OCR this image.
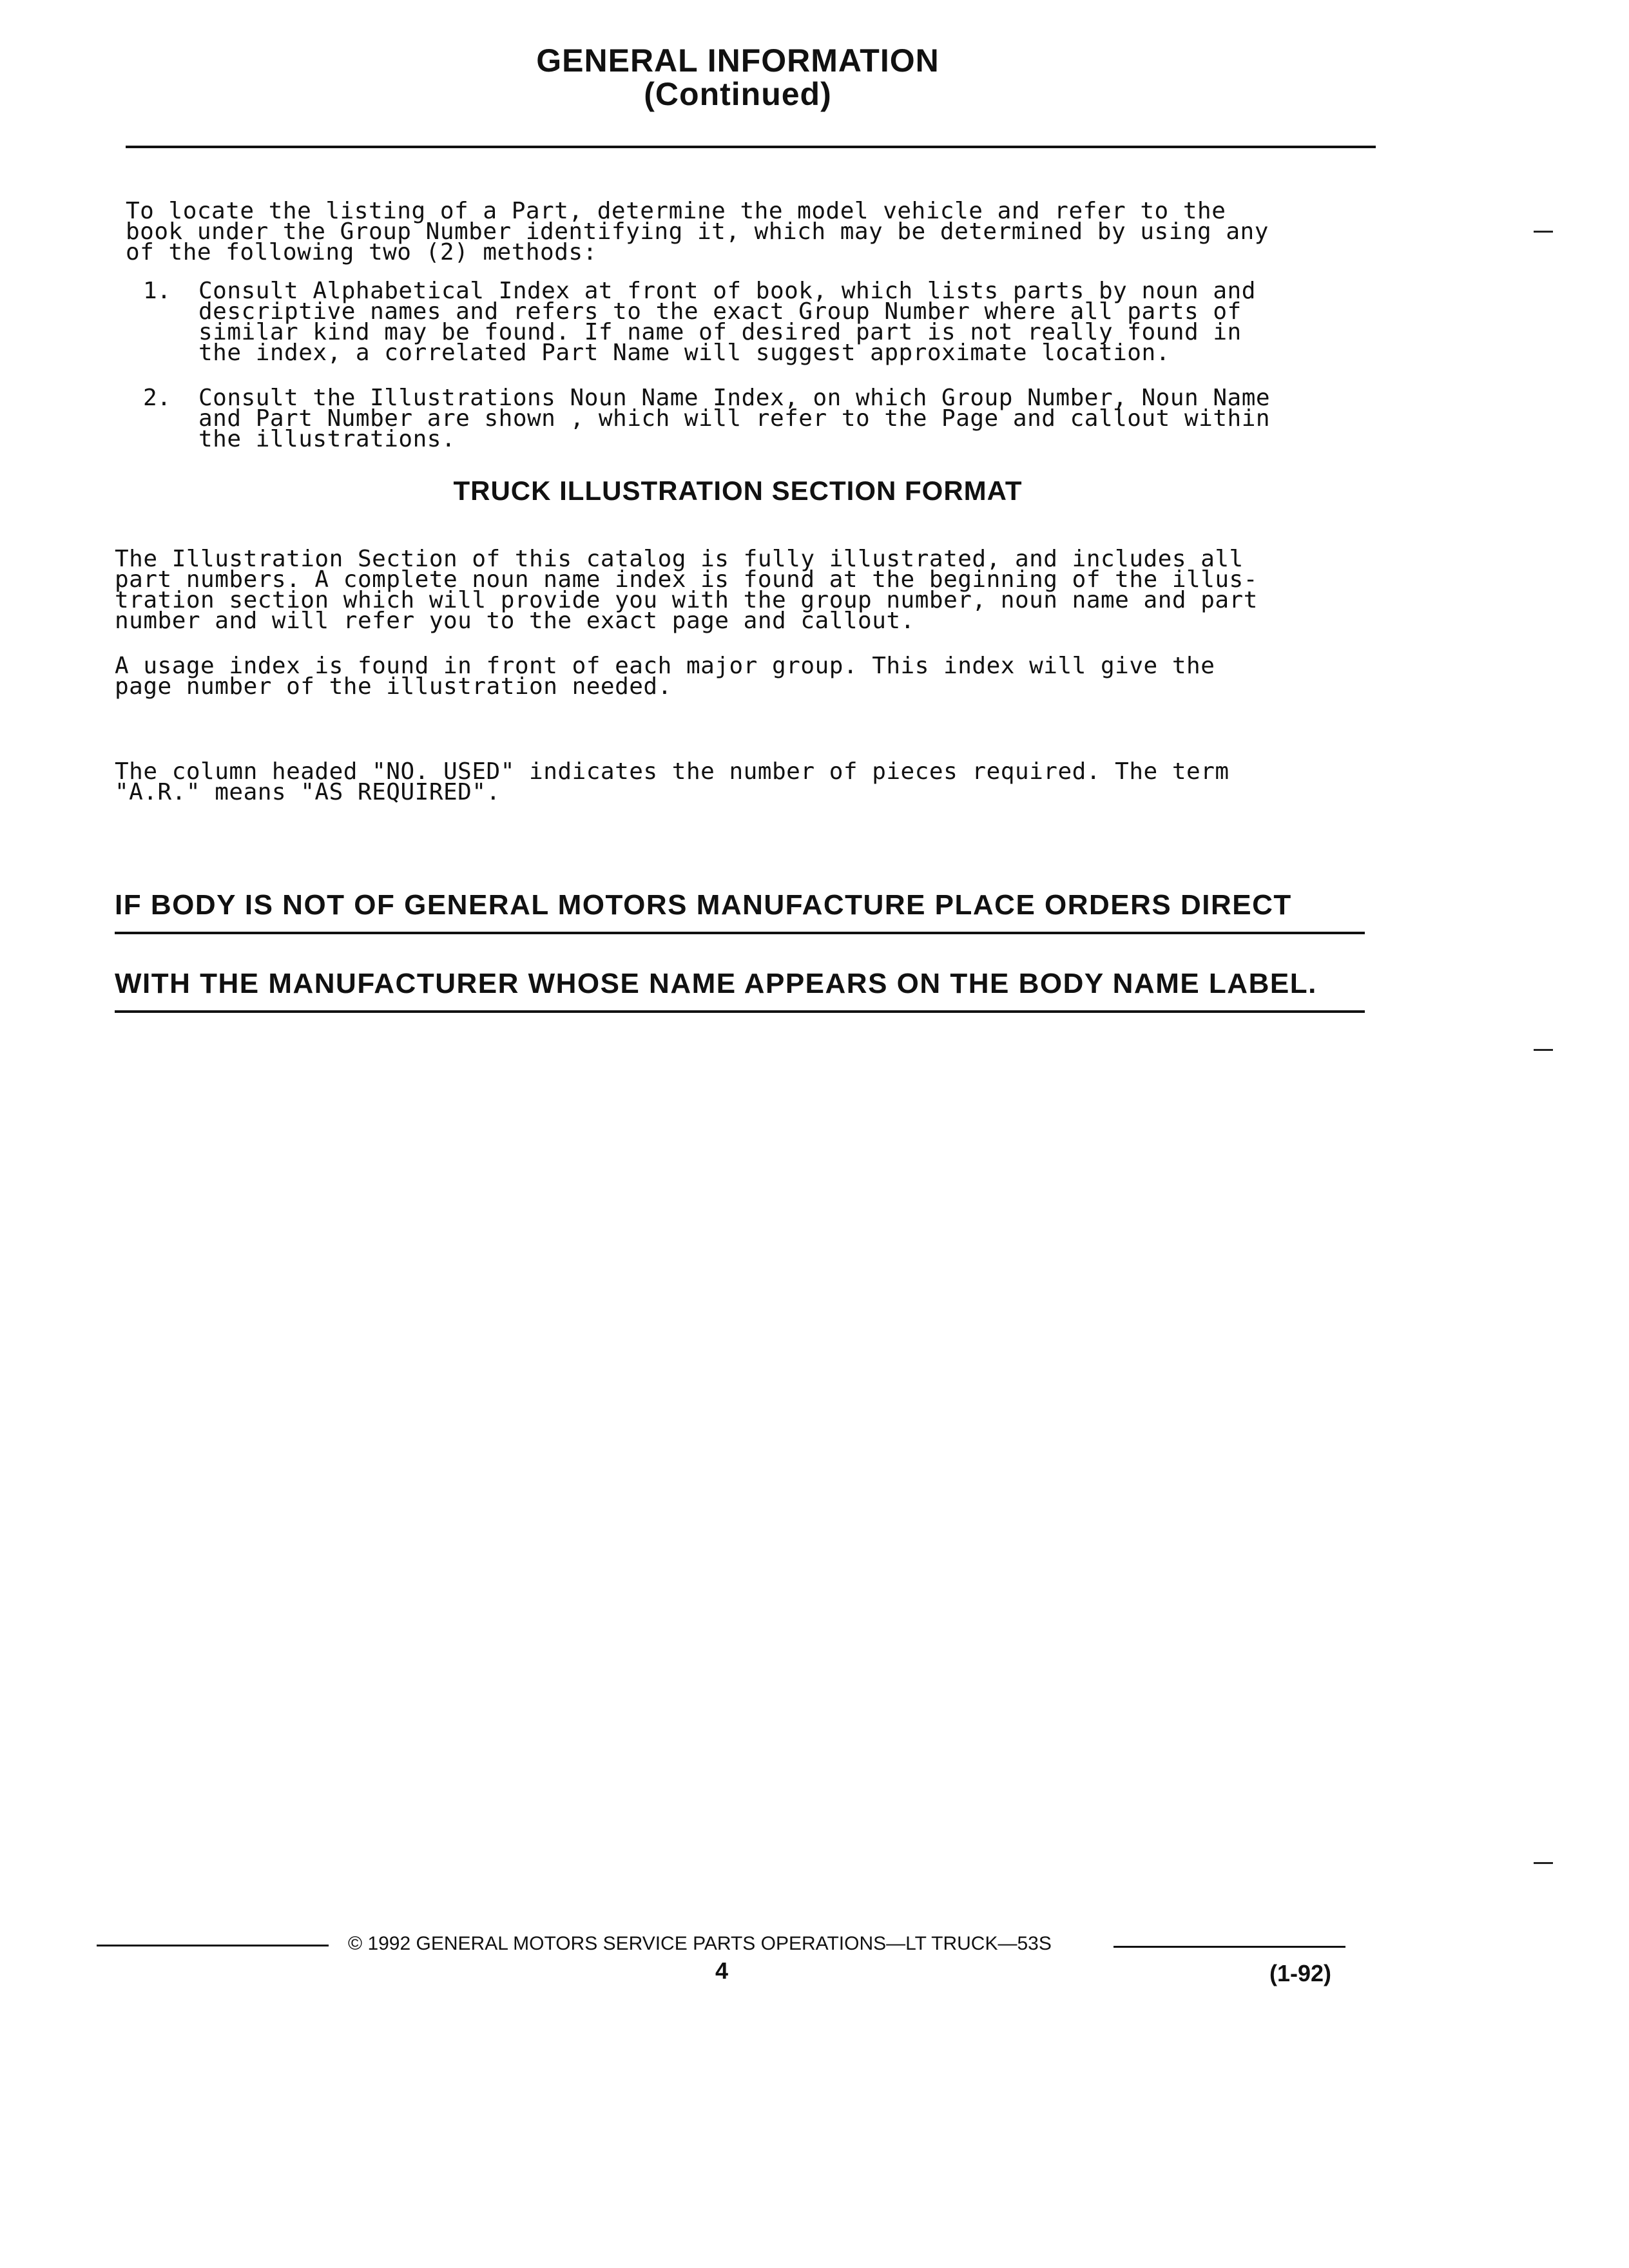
GENERAL INFORMATION
(Continued)
To locate the listing of a Part, determine the model vehicle and refer to the
book under the Group Number identifying it, which may be determined by using any
of the following two (2) methods:
1. Consult Alphabetical Index at front of book, which lists parts by noun and
descriptive names and refers to the exact Group Number where all parts of
similar kind may be found. If name of desired part is not really found in
the index, a correlated Part Name will suggest approximate location.
2. Consult the Illustrations Noun Name Index, on which Group Number, Noun Name
and Part Number are shown , which will refer to the Page and callout within
the illustrations.
TRUCK ILLUSTRATION SECTION FORMAT
The Illustration Section of this catalog is fully illustrated, and includes all
part numbers. A complete noun name index is found at the beginning of the illus-
tration section which will provide you with the group number, noun name and part
number and will refer you to the exact page and callout.
A usage index is found in front of each major group. This index will give the
page number of the illustration needed.
The column headed "NO. USED" indicates the number of pieces required. The term
"A.R." means "AS REQUIRED".
IF BODY IS NOT OF GENERAL MOTORS MANUFACTURE PLACE ORDERS DIRECT
WITH THE MANUFACTURER WHOSE NAME APPEARS ON THE BODY NAME LABEL.
© 1992 GENERAL MOTORS SERVICE PARTS OPERATIONS—LT TRUCK—53S
4	(1-92)
